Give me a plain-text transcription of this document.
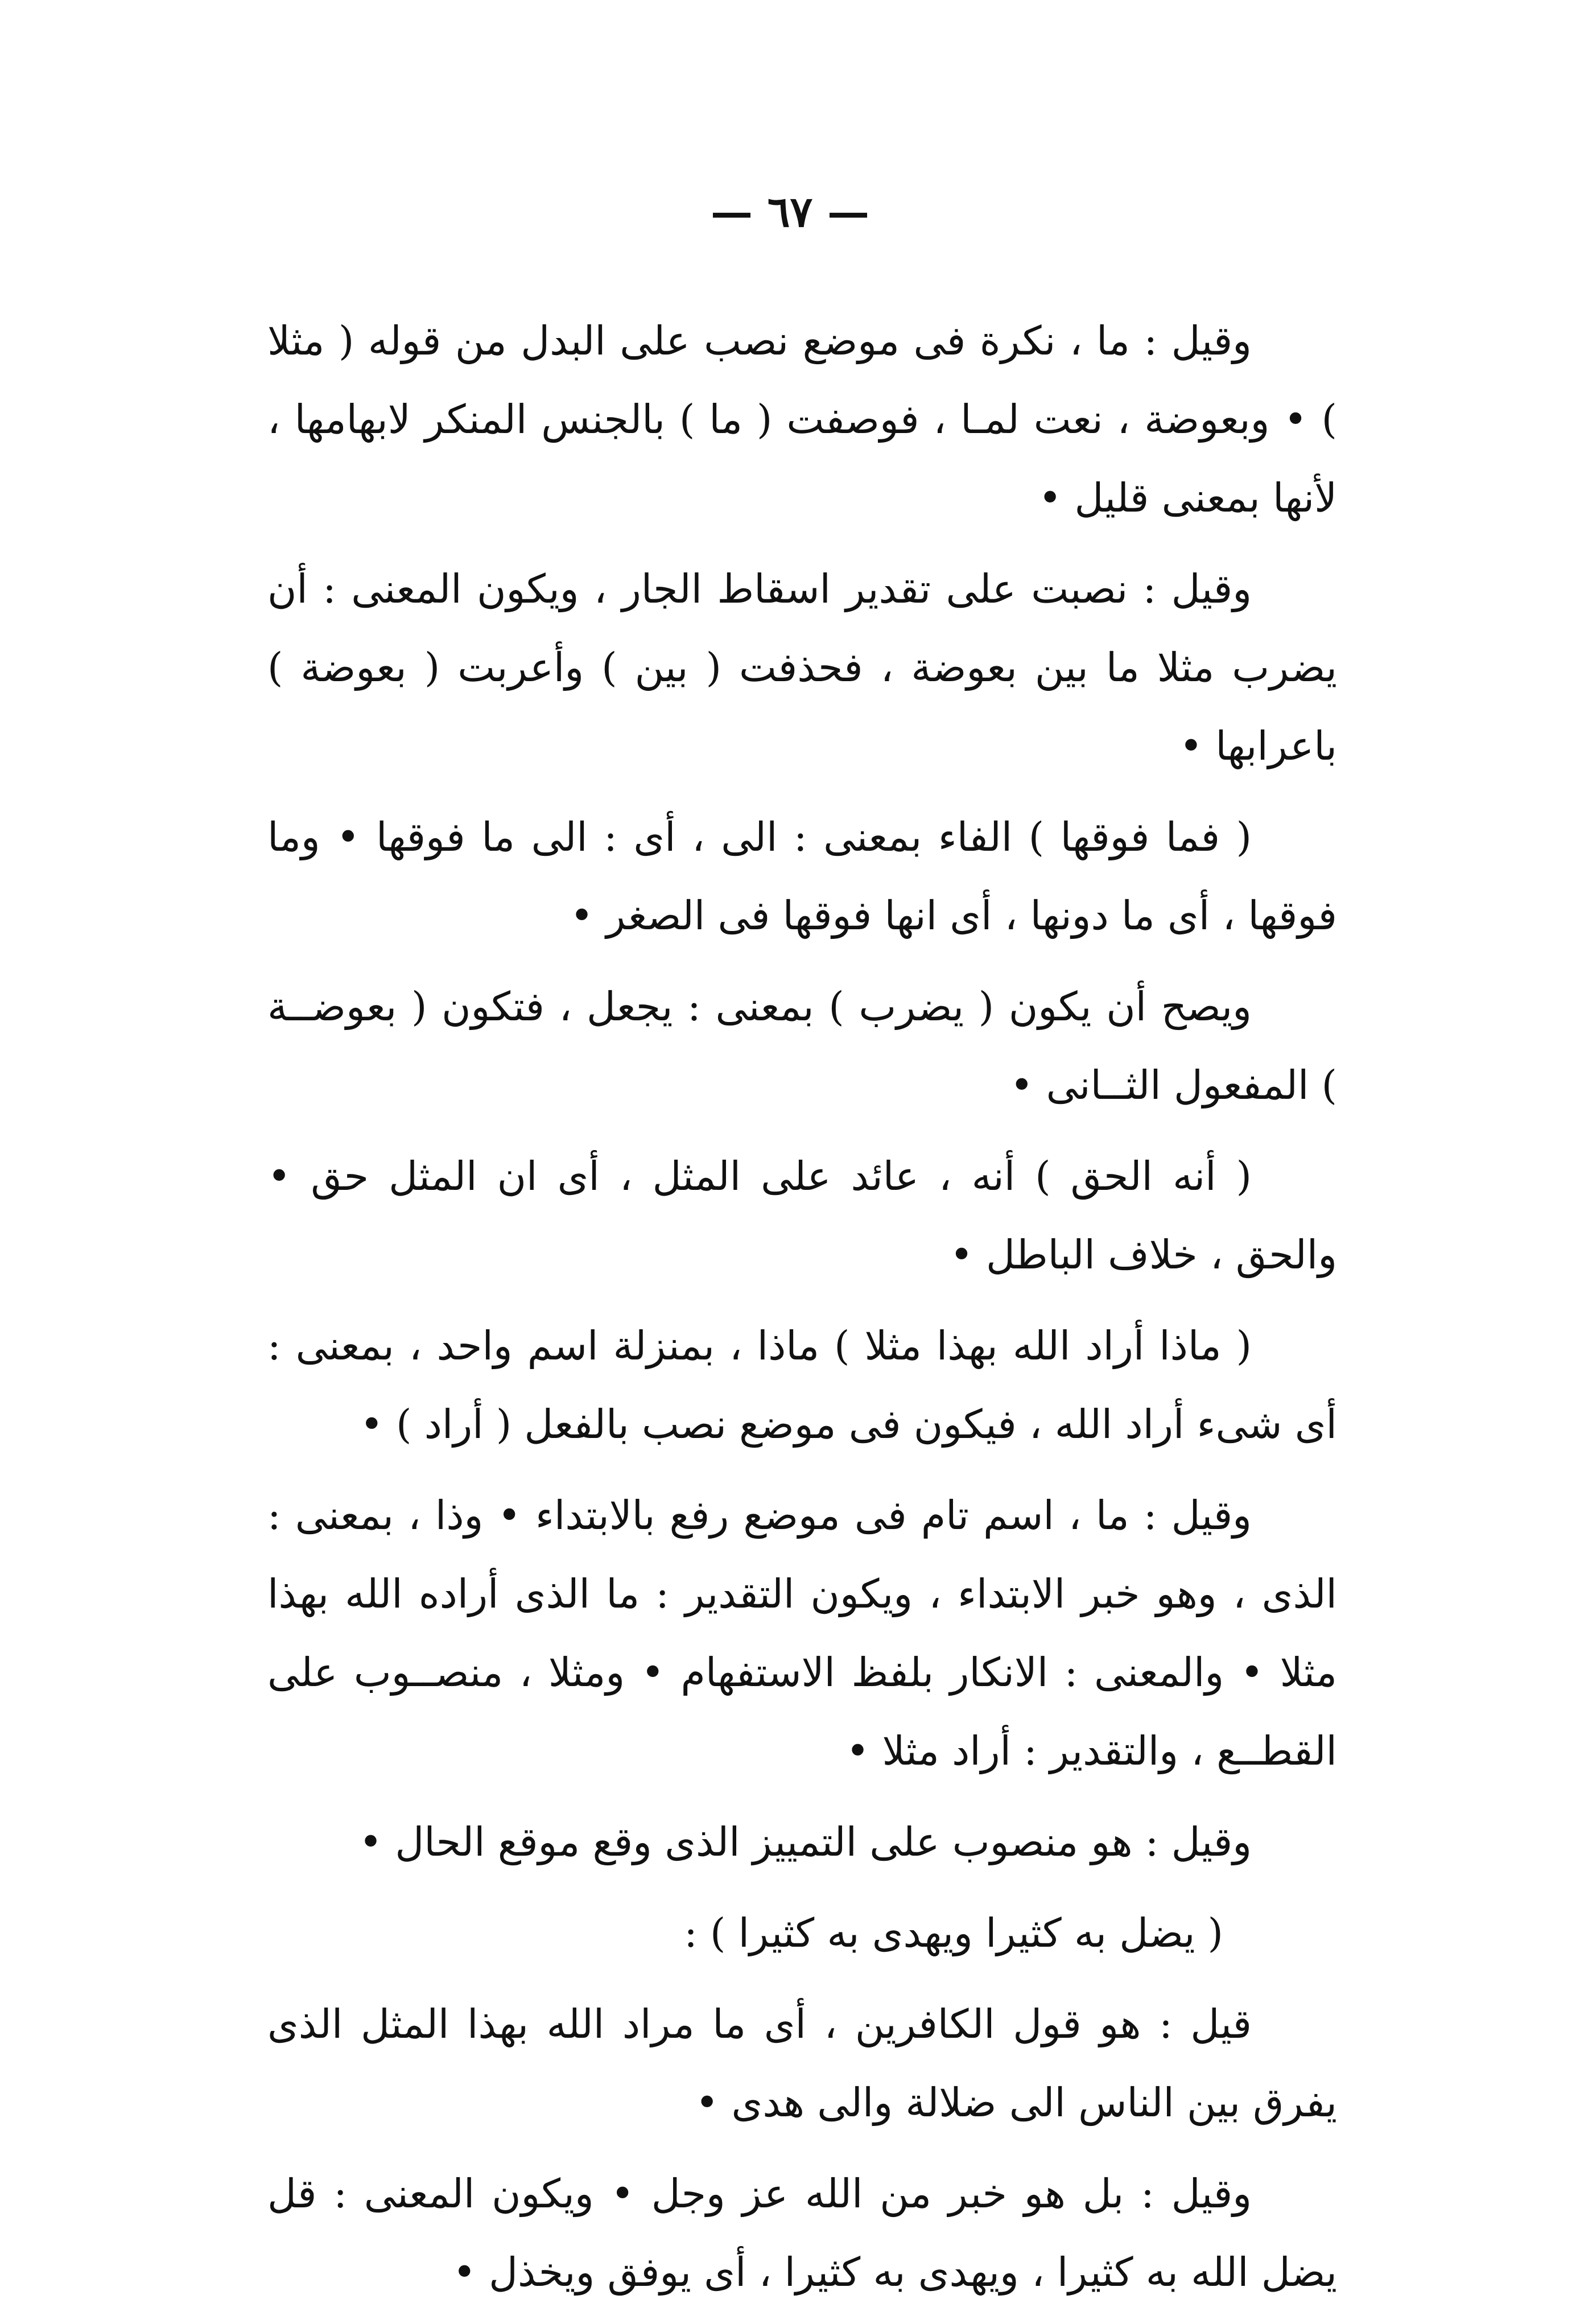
— ٦٧ —

وقيل : ما ، نكرة فى موضع نصب على البدل من قوله ( مثلا ) • وبعوضة ، نعت لمـا ، فوصفت ( ما ) بالجنس المنكر لابهامها ، لأنها بمعنى قليل •

وقيل : نصبت على تقدير اسقاط الجار ، ويكون المعنى : أن يضرب مثلا ما بين بعوضة ، فحذفت ( بين ) وأعربت ( بعوضة ) باعرابها •

( فما فوقها ) الفاء بمعنى : الى ، أى : الى ما فوقها • وما فوقها ، أى ما دونها ، أى انها فوقها فى الصغر •

ويصح أن يكون ( يضرب ) بمعنى : يجعل ، فتكون ( بعوضــة ) المفعول الثــانى •

( أنه الحق ) أنه ، عائد على المثل ، أى ان المثل حق • والحق ، خلاف الباطل •

( ماذا أراد الله بهذا مثلا ) ماذا ، بمنزلة اسم واحد ، بمعنى : أى شىء أراد الله ، فيكون فى موضع نصب بالفعل ( أراد ) •

وقيل : ما ، اسم تام فى موضع رفع بالابتداء • وذا ، بمعنى : الذى ، وهو خبر الابتداء ، ويكون التقدير : ما الذى أراده الله بهذا مثلا • والمعنى : الانكار بلفظ الاستفهام • ومثلا ، منصــوب على القطــع ، والتقدير : أراد مثلا •

وقيل : هو منصوب على التمييز الذى وقع موقع الحال •

( يضل به كثيرا ويهدى به كثيرا ) :

قيل : هو قول الكافرين ، أى ما مراد الله بهذا المثل الذى يفرق بين الناس الى ضلالة والى هدى •

وقيل : بل هو خبر من الله عز وجل • ويكون المعنى : قل يضل الله به كثيرا ، ويهدى به كثيرا ، أى يوفق ويخذل •
